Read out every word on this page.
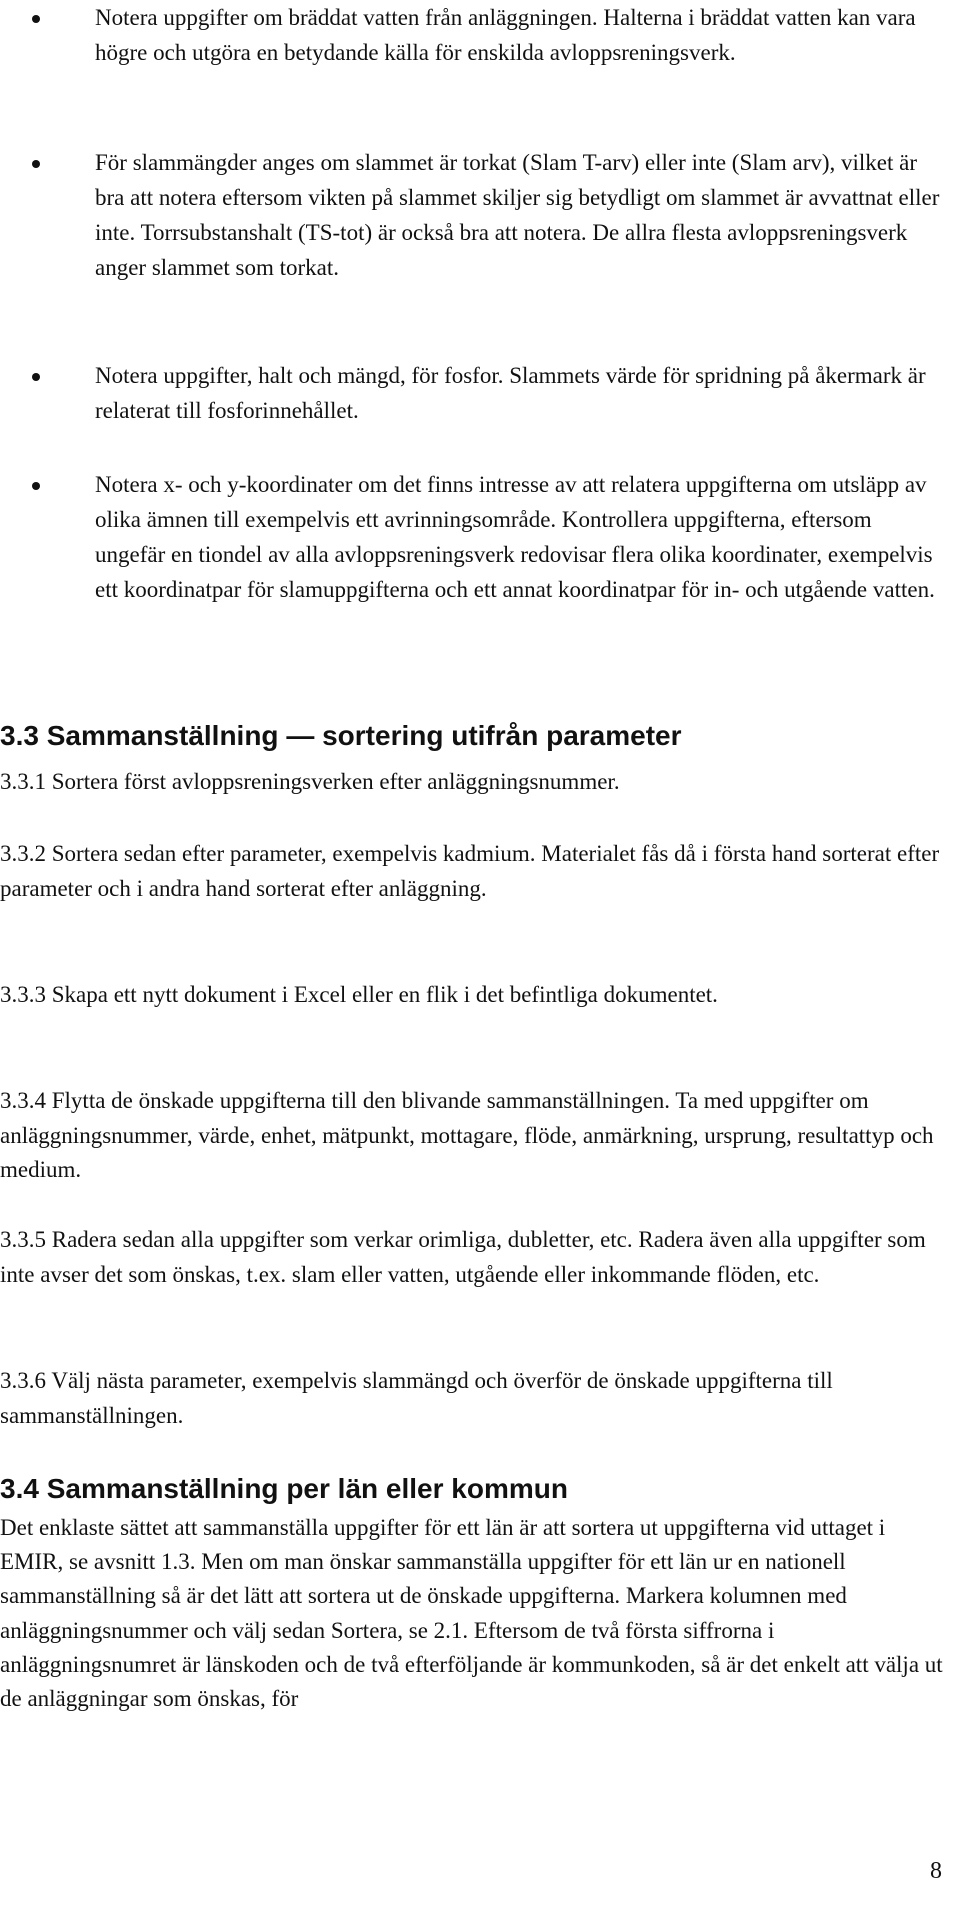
Notera uppgifter om bräddat vatten från anläggningen. Halterna i bräddat vatten kan vara högre och utgöra en betydande källa för enskilda avloppsreningsverk.
För slammängder anges om slammet är torkat (Slam T-arv) eller inte (Slam arv), vilket är bra att notera eftersom vikten på slammet skiljer sig betydligt om slammet är avvattnat eller inte. Torrsubstanshalt (TS-tot) är också bra att notera. De allra flesta avloppsreningsverk anger slammet som torkat.
Notera uppgifter, halt och mängd, för fosfor. Slammets värde för spridning på åkermark är relaterat till fosforinnehållet.
Notera x- och y-koordinater om det finns intresse av att relatera uppgifterna om utsläpp av olika ämnen till exempelvis ett avrinningsområde. Kontrollera uppgifterna, eftersom ungefär en tiondel av alla avloppsreningsverk redovisar flera olika koordinater, exempelvis ett koordinatpar för slamuppgifterna och ett annat koordinatpar för in- och utgående vatten.
3.3 Sammanställning — sortering utifrån parameter

3.3.1 Sortera först avloppsreningsverken efter anläggningsnummer.

3.3.2 Sortera sedan efter parameter, exempelvis kadmium. Materialet fås då i första hand sorterat efter parameter och i andra hand sorterat efter anläggning.

3.3.3 Skapa ett nytt dokument i Excel eller en flik i det befintliga dokumentet.

3.3.4 Flytta de önskade uppgifterna till den blivande sammanställningen. Ta med uppgifter om anläggningsnummer, värde, enhet, mätpunkt, mottagare, flöde, anmärkning, ursprung, resultattyp och medium.

3.3.5 Radera sedan alla uppgifter som verkar orimliga, dubletter, etc. Radera även alla uppgifter som inte avser det som önskas, t.ex. slam eller vatten, utgående eller inkommande flöden, etc.

3.3.6 Välj nästa parameter, exempelvis slammängd och överför de önskade uppgifterna till sammanställningen.

3.4 Sammanställning per län eller kommun

Det enklaste sättet att sammanställa uppgifter för ett län är att sortera ut uppgifterna vid uttaget i EMIR, se avsnitt 1.3. Men om man önskar sammanställa uppgifter för ett län ur en nationell sammanställning så är det lätt att sortera ut de önskade uppgifterna. Markera kolumnen med anläggningsnummer och välj sedan Sortera, se 2.1. Eftersom de två första siffrorna i anläggningsnumret är länskoden och de två efterföljande är kommunkoden, så är det enkelt att välja ut de anläggningar som önskas, för

8
